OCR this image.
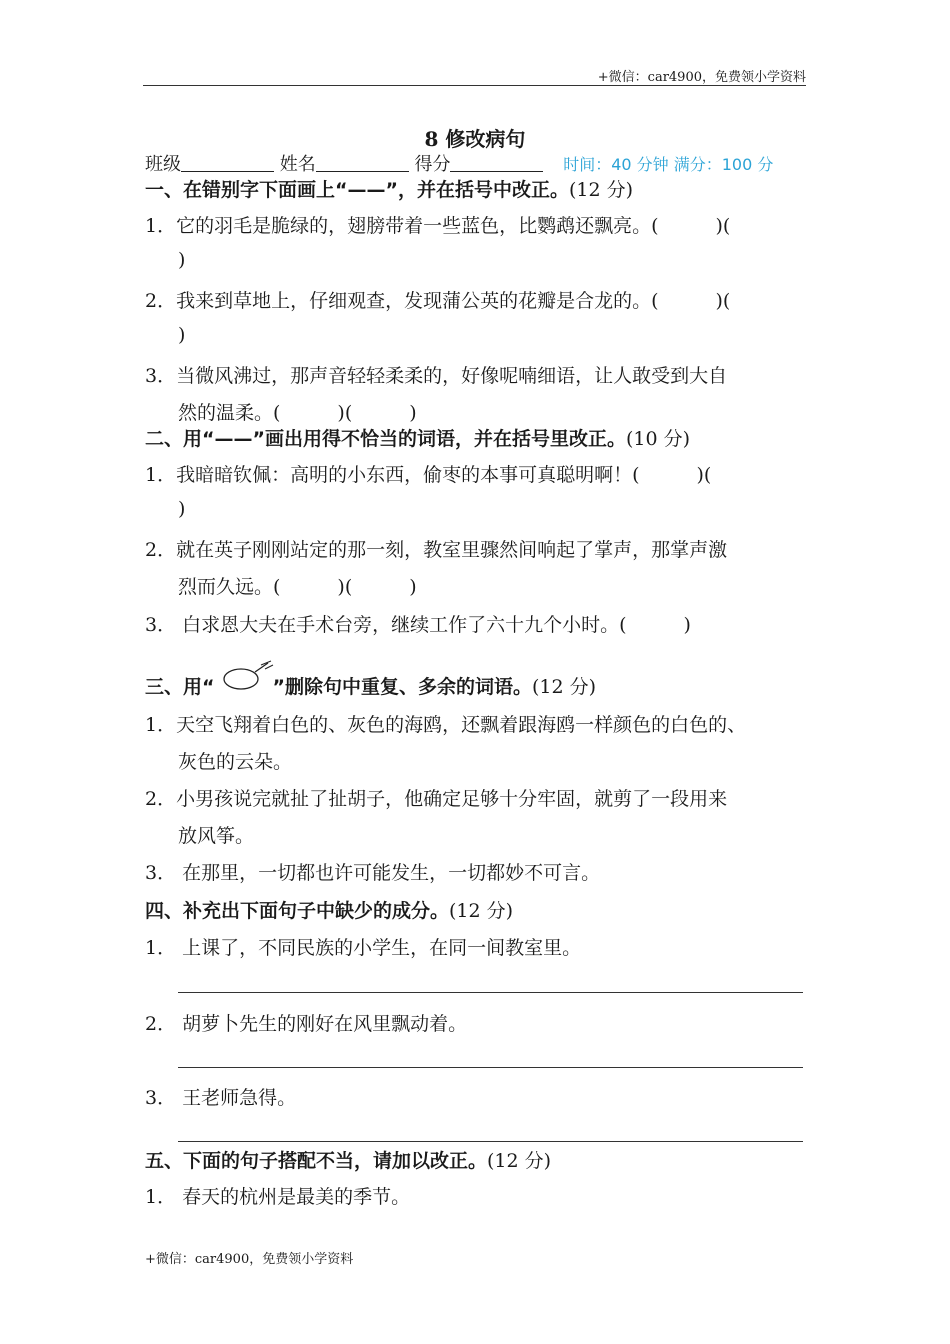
+微信：car4900，免费领小学资料
8 修改病句
班级	姓名	得分	时间：40 分钟 满分：100 分
一、在错别字下面画上“——”，并在括号中改正。(12 分)
1．它的羽毛是脆绿的，翅膀带着一些蓝色，比鹦鹉还飘亮。(　　　)(
)
2．我来到草地上，仔细观查，发现蒲公英的花瓣是合龙的。(　　　)(
)
3．当微风沸过，那声音轻轻柔柔的，好像呢喃细语，让人敢受到大自
然的温柔。(　　　)(　　　)
二、用“——”画出用得不恰当的词语，并在括号里改正。(10 分)
1．我暗暗钦佩：高明的小东西，偷枣的本事可真聪明啊！(　　　)(
)
2．就在英子刚刚站定的那一刻，教室里骤然间响起了掌声，那掌声激
烈而久远。(　　　)(　　　)
3． 白求恩大夫在手术台旁，继续工作了六十九个小时。(　　　)
三、用“	”删除句中重复、多余的词语。(12 分)
1．天空飞翔着白色的、灰色的海鸥，还飘着跟海鸥一样颜色的白色的、
灰色的云朵。
2．小男孩说完就扯了扯胡子，他确定足够十分牢固，就剪了一段用来
放风筝。
3． 在那里，一切都也许可能发生，一切都妙不可言。
四、补充出下面句子中缺少的成分。(12 分)
1． 上课了，不同民族的小学生，在同一间教室里。
2． 胡萝卜先生的刚好在风里飘动着。
3． 王老师急得。
五、下面的句子搭配不当，请加以改正。(12 分)
1． 春天的杭州是最美的季节。
+微信：car4900，免费领小学资料
